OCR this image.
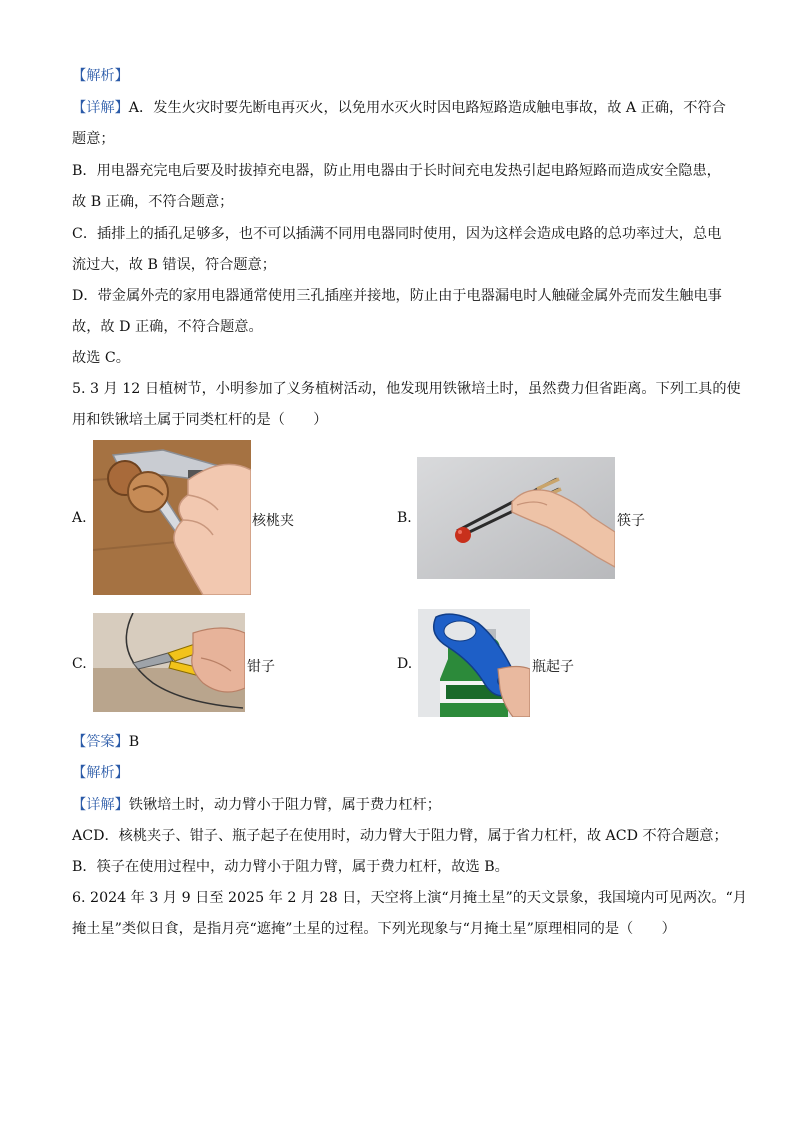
【解析】
【详解】A．发生火灾时要先断电再灭火，以免用水灭火时因电路短路造成触电事故，故 A 正确，不符合
题意；
B．用电器充完电后要及时拔掉充电器，防止用电器由于长时间充电发热引起电路短路而造成安全隐患，
故 B 正确，不符合题意；
C．插排上的插孔足够多，也不可以插满不同用电器同时使用，因为这样会造成电路的总功率过大，总电
流过大，故 B 错误，符合题意；
D．带金属外壳的家用电器通常使用三孔插座并接地，防止由于电器漏电时人触碰金属外壳而发生触电事
故，故 D 正确，不符合题意。
故选 C。
5. 3 月 12 日植树节，小明参加了义务植树活动，他发现用铁锹培土时，虽然费力但省距离。下列工具的使
用和铁锹培土属于同类杠杆的是（　　）
A.	核桃夹	B.	筷子
C.	钳子	D.	瓶起子
【答案】B
【解析】
【详解】铁锹培土时，动力臂小于阻力臂，属于费力杠杆；
ACD．核桃夹子、钳子、瓶子起子在使用时，动力臂大于阻力臂，属于省力杠杆，故 ACD 不符合题意；
B．筷子在使用过程中，动力臂小于阻力臂，属于费力杠杆，故选 B。
6. 2024 年 3 月 9 日至 2025 年 2 月 28 日，天空将上演“月掩土星”的天文景象，我国境内可见两次。“月
掩土星”类似日食，是指月亮“遮掩”土星的过程。下列光现象与“月掩土星”原理相同的是（　　）
